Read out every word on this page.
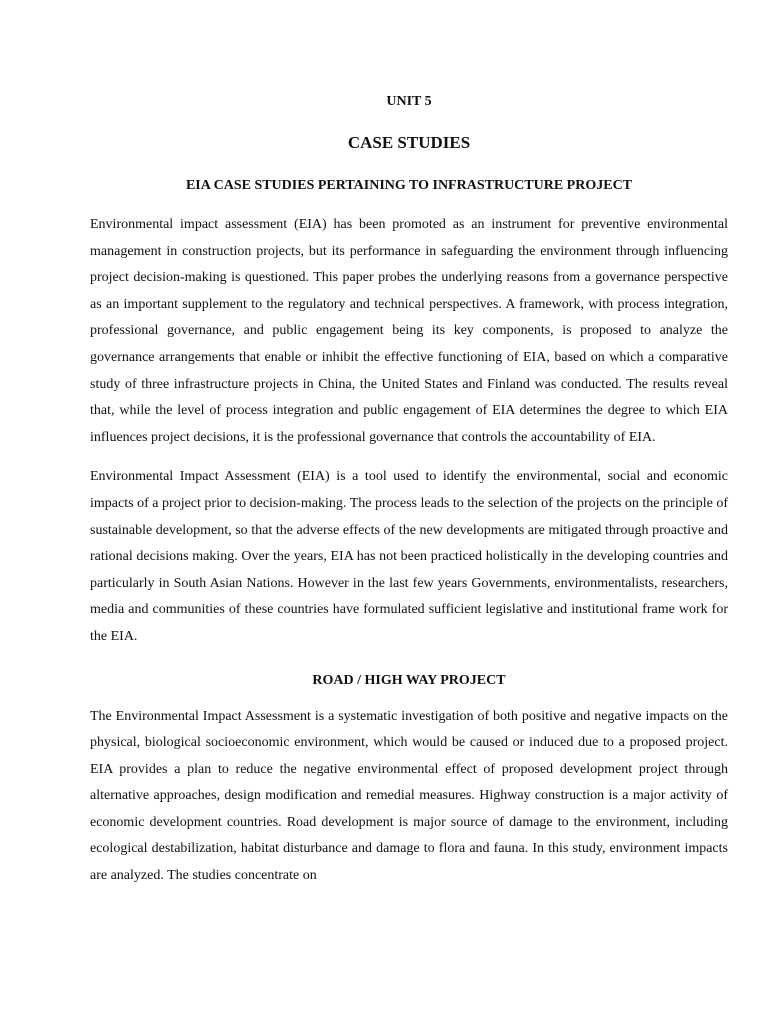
UNIT 5

CASE STUDIES

EIA CASE STUDIES PERTAINING TO INFRASTRUCTURE PROJECT

Environmental impact assessment (EIA) has been promoted as an instrument for preventive environmental management in construction projects, but its performance in safeguarding the environment through influencing project decision-making is questioned. This paper probes the underlying reasons from a governance perspective as an important supplement to the regulatory and technical perspectives. A framework, with process integration, professional governance, and public engagement being its key components, is proposed to analyze the governance arrangements that enable or inhibit the effective functioning of EIA, based on which a comparative study of three infrastructure projects in China, the United States and Finland was conducted. The results reveal that, while the level of process integration and public engagement of EIA determines the degree to which EIA influences project decisions, it is the professional governance that controls the accountability of EIA.

Environmental Impact Assessment (EIA) is a tool used to identify the environmental, social and economic impacts of a project prior to decision-making. The process leads to the selection of the projects on the principle of sustainable development, so that the adverse effects of the new developments are mitigated through proactive and rational decisions making. Over the years, EIA has not been practiced holistically in the developing countries and particularly in South Asian Nations. However in the last few years Governments, environmentalists, researchers, media and communities of these countries have formulated sufficient legislative and institutional frame work for the EIA.

ROAD / HIGH WAY PROJECT

The Environmental Impact Assessment is a systematic investigation of both positive and negative impacts on the physical, biological socioeconomic environment, which would be caused or induced due to a proposed project. EIA provides a plan to reduce the negative environmental effect of proposed development project through alternative approaches, design modification and remedial measures. Highway construction is a major activity of economic development countries. Road development is major source of damage to the environment, including ecological destabilization, habitat disturbance and damage to flora and fauna. In this study, environment impacts are analyzed. The studies concentrate on
